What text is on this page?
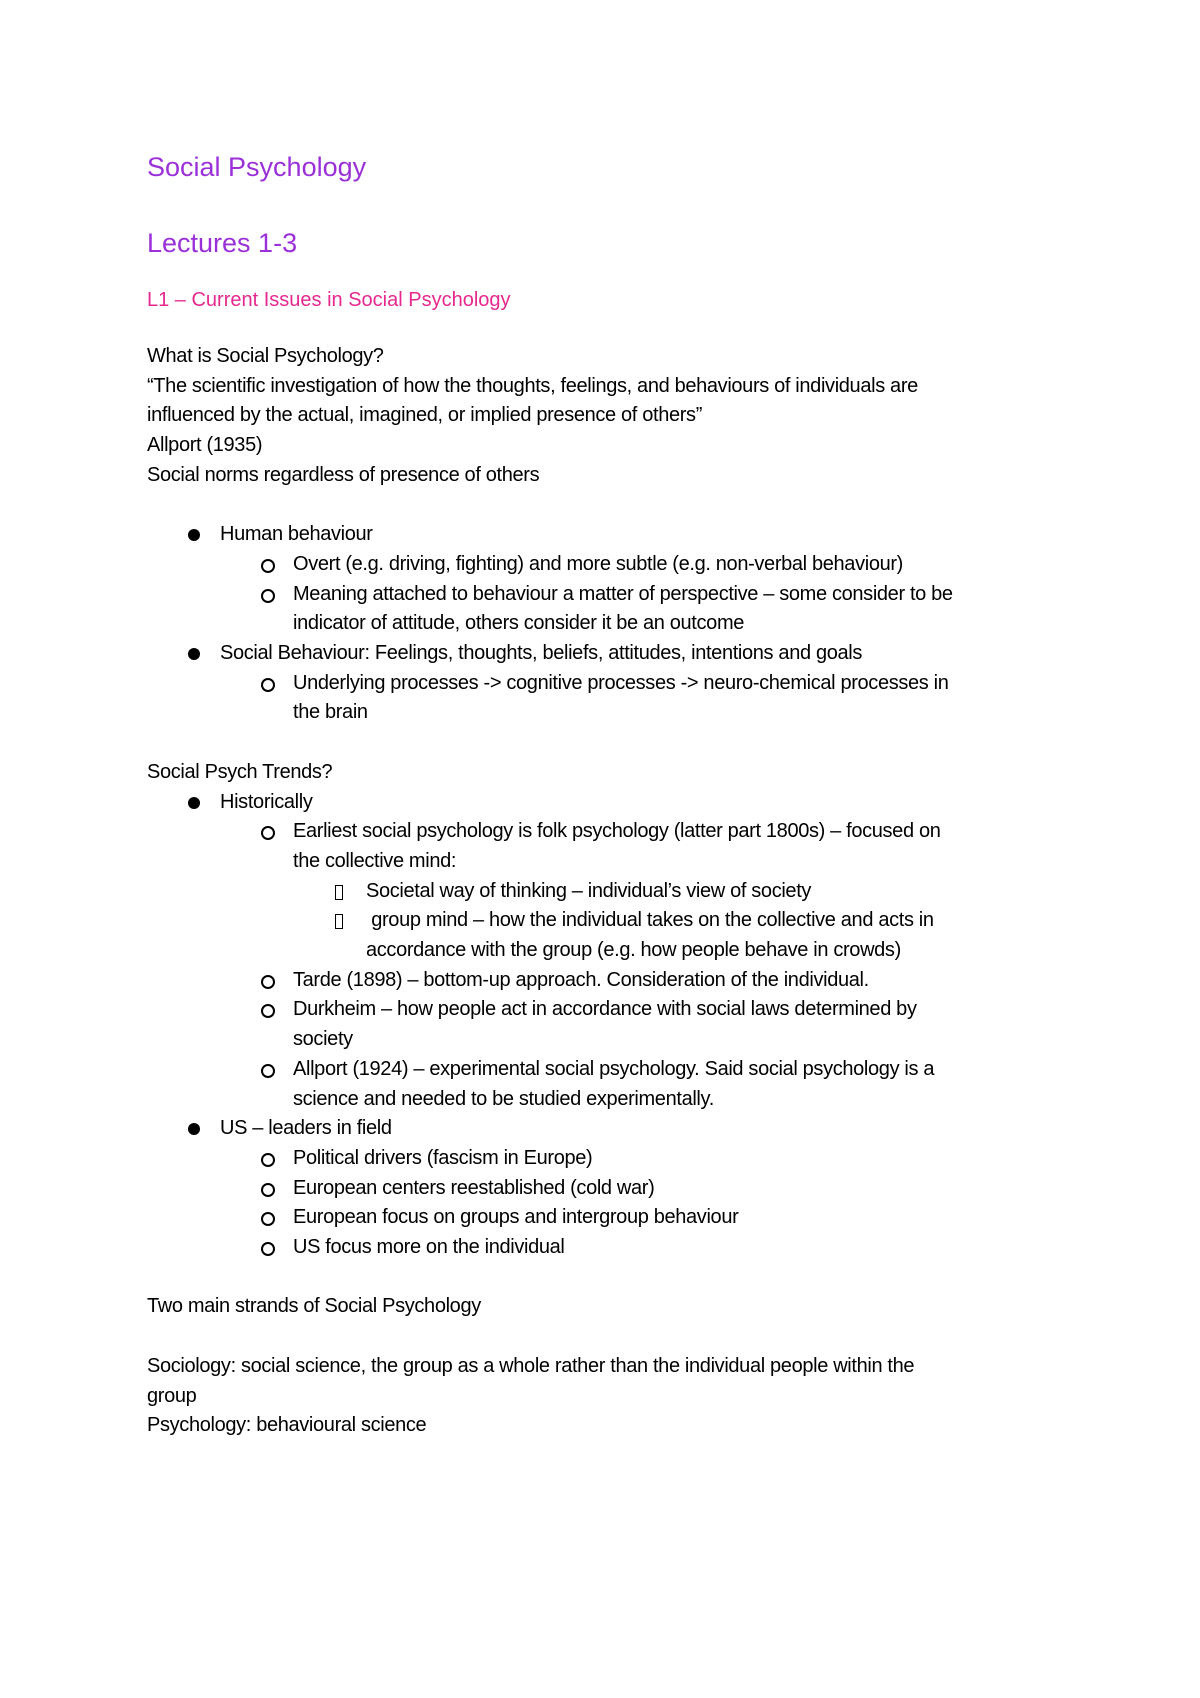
Social Psychology
Lectures 1-3
L1 – Current Issues in Social Psychology

What is Social Psychology?

“The scientific investigation of how the thoughts, feelings, and behaviours of individuals are

influenced by the actual, imagined, or implied presence of others”

Allport (1935)

Social norms regardless of presence of others

Human behaviour
Overt (e.g. driving, fighting) and more subtle (e.g. non-verbal behaviour)
Meaning attached to behaviour a matter of perspective – some consider to be
indicator of attitude, others consider it be an outcome
Social Behaviour: Feelings, thoughts, beliefs, attitudes, intentions and goals
Underlying processes -> cognitive processes -> neuro-chemical processes in
the brain

Social Psych Trends?

Historically
Earliest social psychology is folk psychology (latter part 1800s) – focused on
the collective mind:
Societal way of thinking – individual’s view of society
group mind – how the individual takes on the collective and acts in
accordance with the group (e.g. how people behave in crowds)
Tarde (1898) – bottom-up approach. Consideration of the individual.
Durkheim – how people act in accordance with social laws determined by
society
Allport (1924) – experimental social psychology. Said social psychology is a
science and needed to be studied experimentally.
US – leaders in field
Political drivers (fascism in Europe)
European centers reestablished (cold war)
European focus on groups and intergroup behaviour
US focus more on the individual

Two main strands of Social Psychology

Sociology: social science, the group as a whole rather than the individual people within the

group

Psychology: behavioural science
